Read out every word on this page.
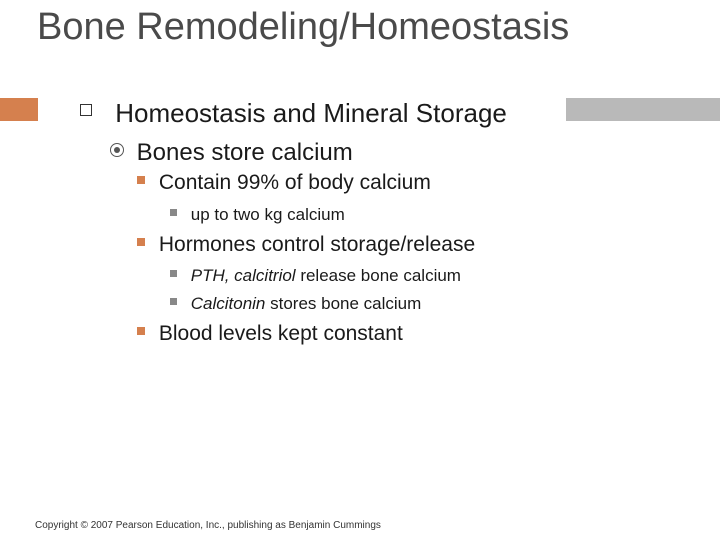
Bone Remodeling/Homeostasis
Homeostasis and Mineral Storage
Bones store calcium
Contain 99% of body calcium
up to two kg calcium
Hormones control storage/release
PTH, calcitriol release bone calcium
Calcitonin stores bone calcium
Blood levels kept constant
Copyright © 2007 Pearson Education, Inc., publishing as Benjamin Cummings
